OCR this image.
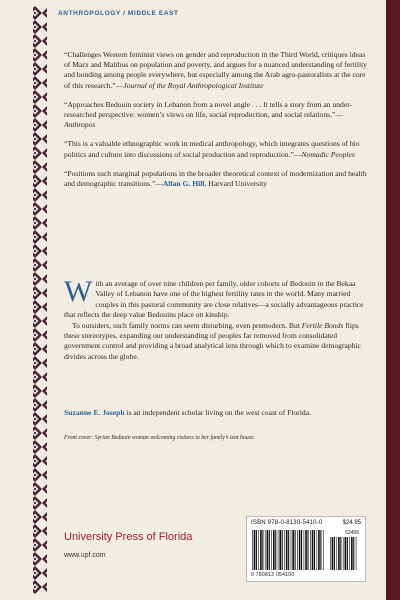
ANTHROPOLOGY / MIDDLE EAST

“Challenges Western feminist views on gender and reproduction in the Third World, critiques ideas of Marx and Malthus on population and poverty, and argues for a nuanced understanding of fertility and bonding among people everywhere, but especially among the Arab agro-pastoralists at the core of this research.”—Journal of the Royal Anthropological Institute

“Approaches Bedouin society in Lebanon from a novel angle . . . It tells a story from an under-researched perspective: women’s views on life, social reproduction, and social relations.”—Anthropos

“This is a valuable ethnographic work in medical anthropology, which integrates questions of bio politics and culture into discussions of social production and reproduction.”—Nomadic Peoples

“Positions such marginal populations in the broader theoretical context of modernization and health and demographic transitions.”—Allan G. Hill, Harvard University

With an average of over nine children per family, older cohorts of Bedouin in the Bekaa Valley of Lebanon have one of the highest fertility rates in the world. Many married couples in this pastoral community are close relatives—a socially advantageous practice that reflects the deep value Bedouins place on kinship.

To outsiders, such family norms can seem disturbing, even premodern. But Fertile Bonds flips these stereotypes, expanding our understanding of peoples far removed from consolidated government control and providing a broad analytical lens through which to examine demographic divides across the globe.

Suzanne E. Joseph is an independent scholar living on the west coast of Florida.
Front cover: Syrian Bedouin woman welcoming visitors to her family’s tent house.
University Press of Florida
www.upf.com
ISBN 978-0-8130-5410-0	$24.95
52495
9 780813 054100
